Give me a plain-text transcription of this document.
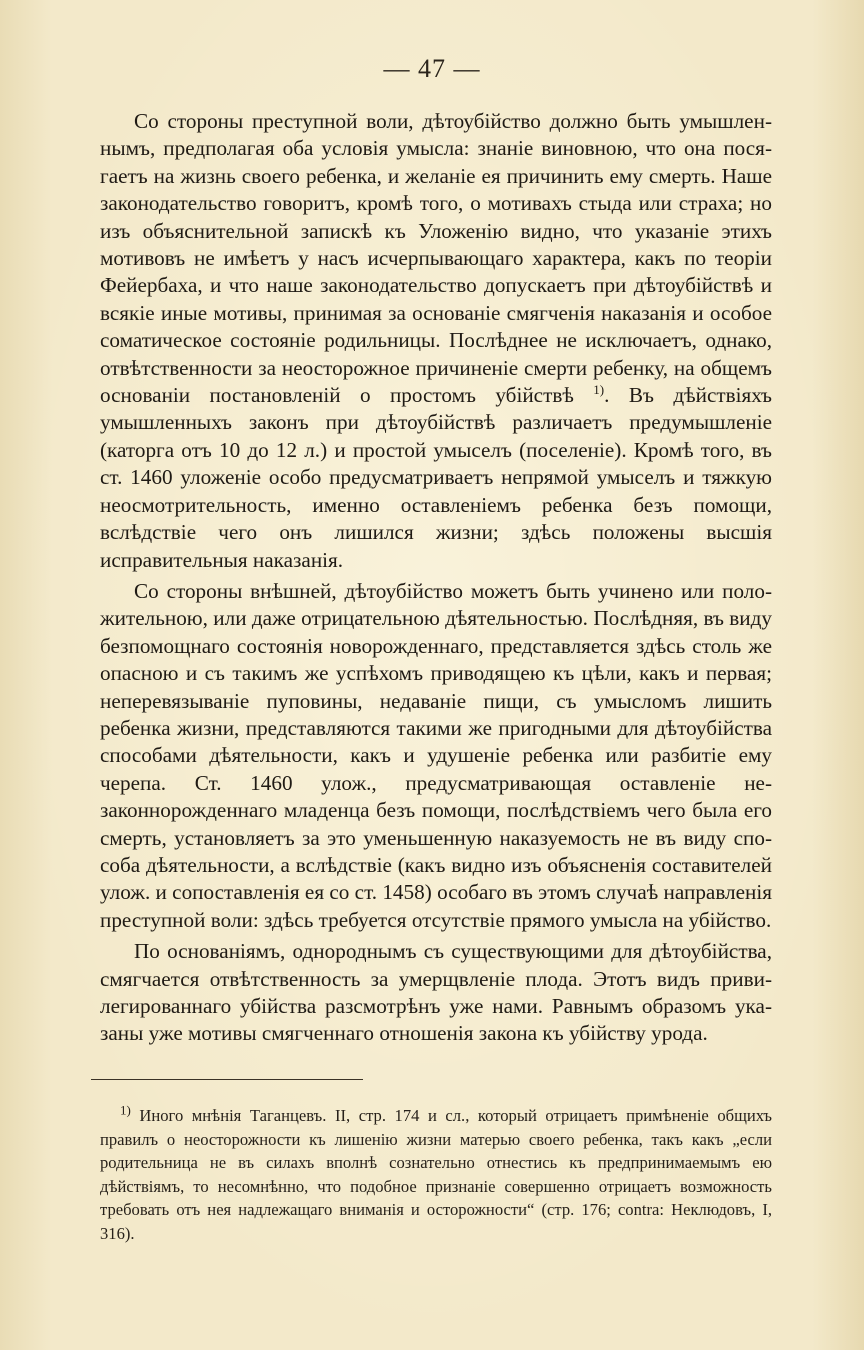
— 47 —

Со стороны преступной воли, дѣтоубійство должно быть умышленнымъ, предполагая оба условія умысла: знаніе виновною, что она посягаетъ на жизнь своего ребенка, и желаніе ея причинить ему смерть. Наше законодательство говоритъ, кромѣ того, о мотивахъ стыда или страха; но изъ объяснительной запискѣ къ Уложенію видно, что указаніе этихъ мотивовъ не имѣетъ у насъ исчерпывающаго характера, какъ по теоріи Фейербаха, и что наше законодательство допускаетъ при дѣтоубійствѣ и всякіе иные мотивы, принимая за основаніе смягченія наказанія и особое соматическое состояніе родильницы. Послѣднее не исключаетъ, однако, отвѣтственности за неосторожное причиненіе смерти ребенку, на общемъ основаніи постановленій о простомъ убійствѣ $^{1)}$. Въ дѣйствіяхъ умышленныхъ законъ при дѣтоубійствѣ различаетъ предумышленіе (каторга отъ 10 до 12 л.) и простой умыселъ (поселеніе). Кромѣ того, въ ст. 1460 уложеніе особо предусматриваетъ непрямой умыселъ и тяжкую неосмотрительность, именно оставленіемъ ребенка безъ помощи, вслѣдствіе чего онъ лишился жизни; здѣсь положены высшія исправительныя наказанія.

Со стороны внѣшней, дѣтоубійство можетъ быть учинено или положительною, или даже отрицательною дѣятельностью. Послѣдняя, въ виду безпомощнаго состоянія новорожденнаго, представляется здѣсь столь же опасною и съ такимъ же успѣхомъ приводящею къ цѣли, какъ и первая; неперевязываніе пуповины, недаваніе пищи, съ умысломъ лишить ребенка жизни, представляются такими же пригодными для дѣтоубійства способами дѣятельности, какъ и удушеніе ребенка или разбитіе ему черепа. Ст. 1460 улож., предусматривающая оставленіе незаконнорожденнаго младенца безъ помощи, послѣдствіемъ чего была его смерть, установляетъ за это уменьшенную наказуемость не въ виду способа дѣятельности, а вслѣдствіе (какъ видно изъ объясненія составителей улож. и сопоставленія ея со ст. 1458) особаго въ этомъ случаѣ направленія преступной воли: здѣсь требуется отсутствіе прямого умысла на убійство.

По основаніямъ, однороднымъ съ существующими для дѣтоубійства, смягчается отвѣтственность за умерщвленіе плода. Этотъ видъ привилегированнаго убійства разсмотрѣнъ уже нами. Равнымъ образомъ указаны уже мотивы смягченнаго отношенія закона къ убійству урода.

$^{1)}$ Иного мнѣнія Таганцевъ. II, стр. 174 и сл., который отрицаетъ примѣненіе общихъ правилъ о неосторожности къ лишенію жизни матерью своего ребенка, такъ какъ „если родительница не въ силахъ вполнѣ сознательно отнестись къ предпринимаемымъ ею дѣйствіямъ, то несомнѣнно, что подобное признаніе совершенно отрицаетъ возможность требовать отъ нея надлежащаго вниманія и осторожности“ (стр. 176; contra: Неклюдовъ, I, 316).
